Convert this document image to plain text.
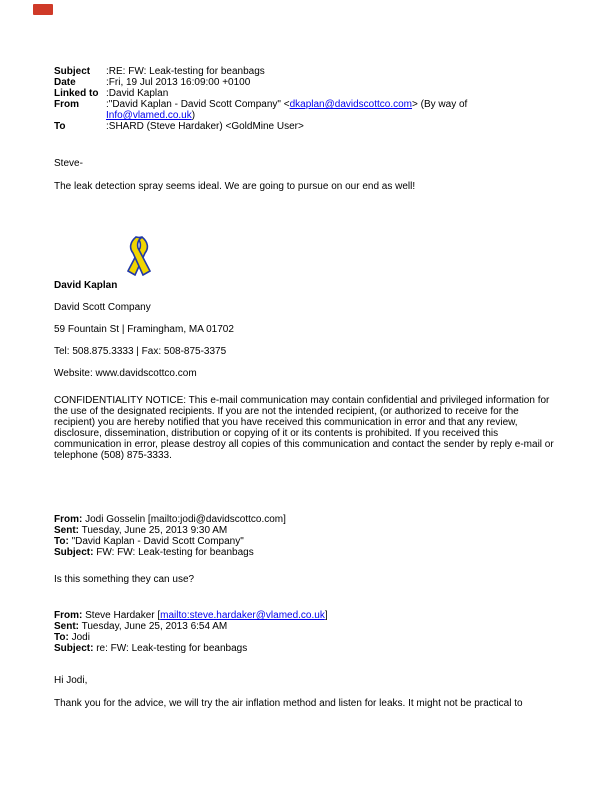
Subject	:RE: FW: Leak-testing for beanbags
Date	:Fri, 19 Jul 2013 16:09:00 +0100
Linked to :David Kaplan
From	:"David Kaplan - David Scott Company" <dkaplan@davidscottco.com> (By way of Info@vlamed.co.uk)
To	:SHARD (Steve Hardaker) <GoldMine User>
Steve-
The leak detection spray seems ideal. We are going to pursue on our end as well!
David Kaplan
David Scott Company
59 Fountain St | Framingham, MA 01702
Tel: 508.875.3333 | Fax: 508-875-3375
Website: www.davidscottco.com
CONFIDENTIALITY NOTICE: This e-mail communication may contain confidential and privileged information for the use of the designated recipients. If you are not the intended recipient, (or authorized to receive for the recipient) you are hereby notified that you have received this communication in error and that any review, disclosure, dissemination, distribution or copying of it or its contents is prohibited. If you received this communication in error, please destroy all copies of this communication and contact the sender by reply e-mail or telephone (508) 875-3333.
From: Jodi Gosselin [mailto:jodi@davidscottco.com]
Sent: Tuesday, June 25, 2013 9:30 AM
To: "David Kaplan - David Scott Company"
Subject: FW: FW: Leak-testing for beanbags
Is this something they can use?
From: Steve Hardaker [mailto:steve.hardaker@vlamed.co.uk]
Sent: Tuesday, June 25, 2013 6:54 AM
To: Jodi
Subject: re: FW: Leak-testing for beanbags
Hi Jodi,
Thank you for the advice, we will try the air inflation method and listen for leaks. It might not be practical to
